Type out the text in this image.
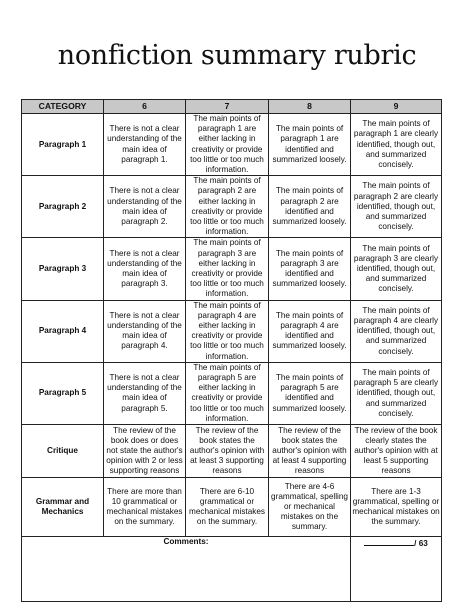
nonfiction summary rubric
CATEGORY	6	7	8	9
Paragraph 1	There is not a clear understanding of the main idea of paragraph 1.	The main points of paragraph 1 are either lacking in creativity or provide too little or too much information.	The main points of paragraph 1 are identified and summarized loosely.	The main points of paragraph 1 are clearly identified, though out, and summarized concisely.
Paragraph 2	There is not a clear understanding of the main idea of paragraph 2.	The main points of paragraph 2 are either lacking in creativity or provide too little or too much information.	The main points of paragraph 2 are identified and summarized loosely.	The main points of paragraph 2 are clearly identified, though out, and summarized concisely.
Paragraph 3	There is not a clear understanding of the main idea of paragraph 3.	The main points of paragraph 3 are either lacking in creativity or provide too little or too much information.	The main points of paragraph 3 are identified and summarized loosely.	The main points of paragraph 3 are clearly identified, though out, and summarized concisely.
Paragraph 4	There is not a clear understanding of the main idea of paragraph 4.	The main points of paragraph 4 are either lacking in creativity or provide too little or too much information.	The main points of paragraph 4 are identified and summarized loosely.	The main points of paragraph 4 are clearly identified, though out, and summarized concisely.
Paragraph 5	There is not a clear understanding of the main idea of paragraph 5.	The main points of paragraph 5 are either lacking in creativity or provide too little or too much information.	The main points of paragraph 5 are identified and summarized loosely.	The main points of paragraph 5 are clearly identified, though out, and summarized concisely.
Critique	The review of the book does or does not state the author's opinion with 2 or less supporting reasons	The review of the book states the author's opinion with at least 3 supporting reasons	The review of the book states the author's opinion with at least 4 supporting reasons	The review of the book clearly states the author's opinion with at least 5 supporting reasons
Grammar and Mechanics	There are more than 10 grammatical or mechanical mistakes on the summary.	There are 6-10 grammatical or mechanical mistakes on the summary.	There are 4-6 grammatical, spelling or mechanical mistakes on the summary.	There are 1-3 grammatical, spelling or mechanical mistakes on the summary.
Comments:				/ 63
